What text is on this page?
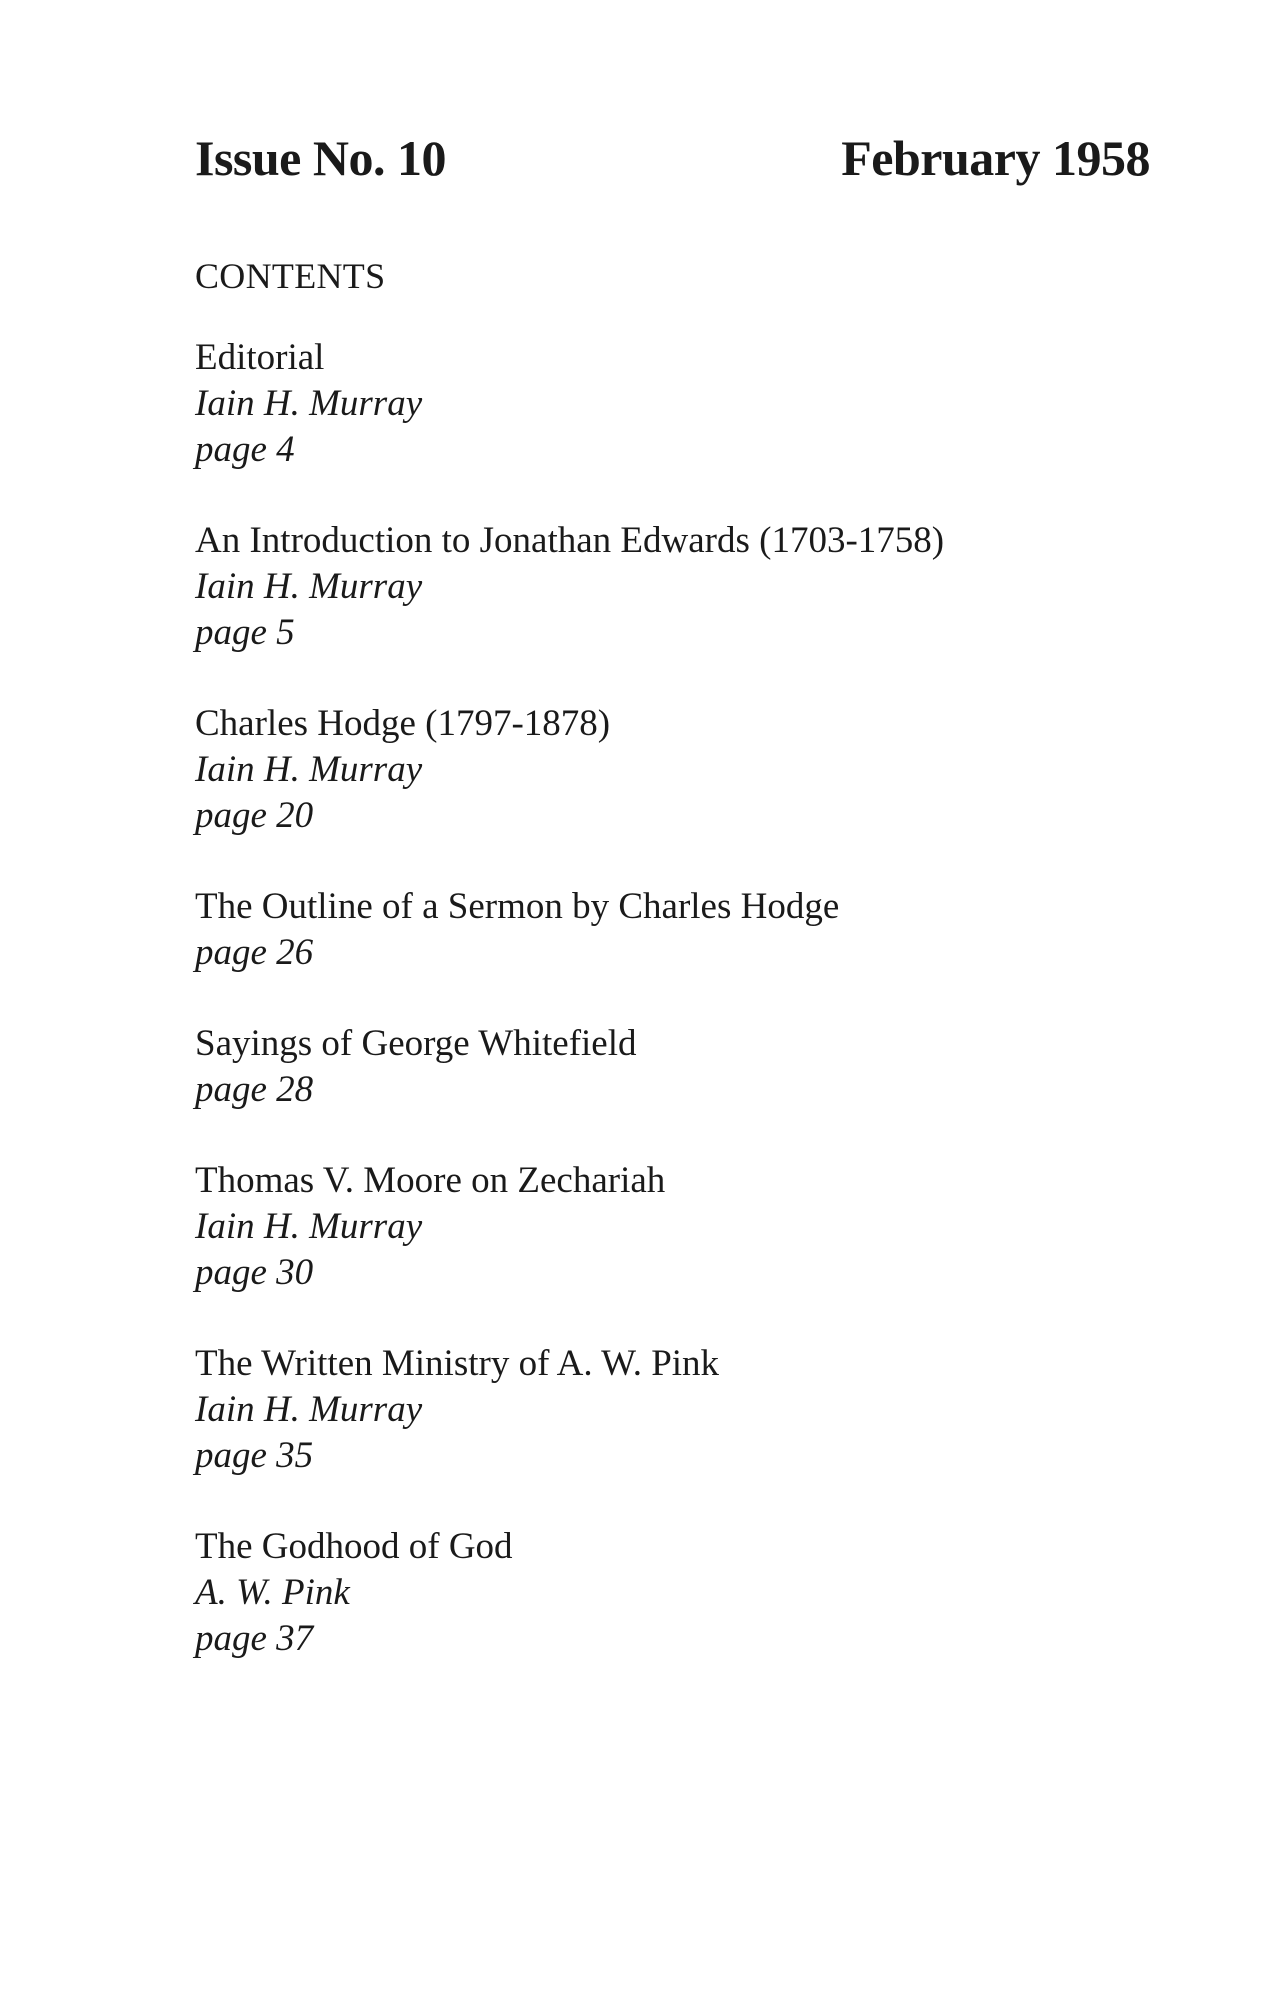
Issue No. 10	February 1958
CONTENTS
Editorial
Iain H. Murray
page 4
An Introduction to Jonathan Edwards (1703-1758)
Iain H. Murray
page 5
Charles Hodge (1797-1878)
Iain H. Murray
page 20
The Outline of a Sermon by Charles Hodge
page 26
Sayings of George Whitefield
page 28
Thomas V. Moore on Zechariah
Iain H. Murray
page 30
The Written Ministry of A. W. Pink
Iain H. Murray
page 35
The Godhood of God
A. W. Pink
page 37
